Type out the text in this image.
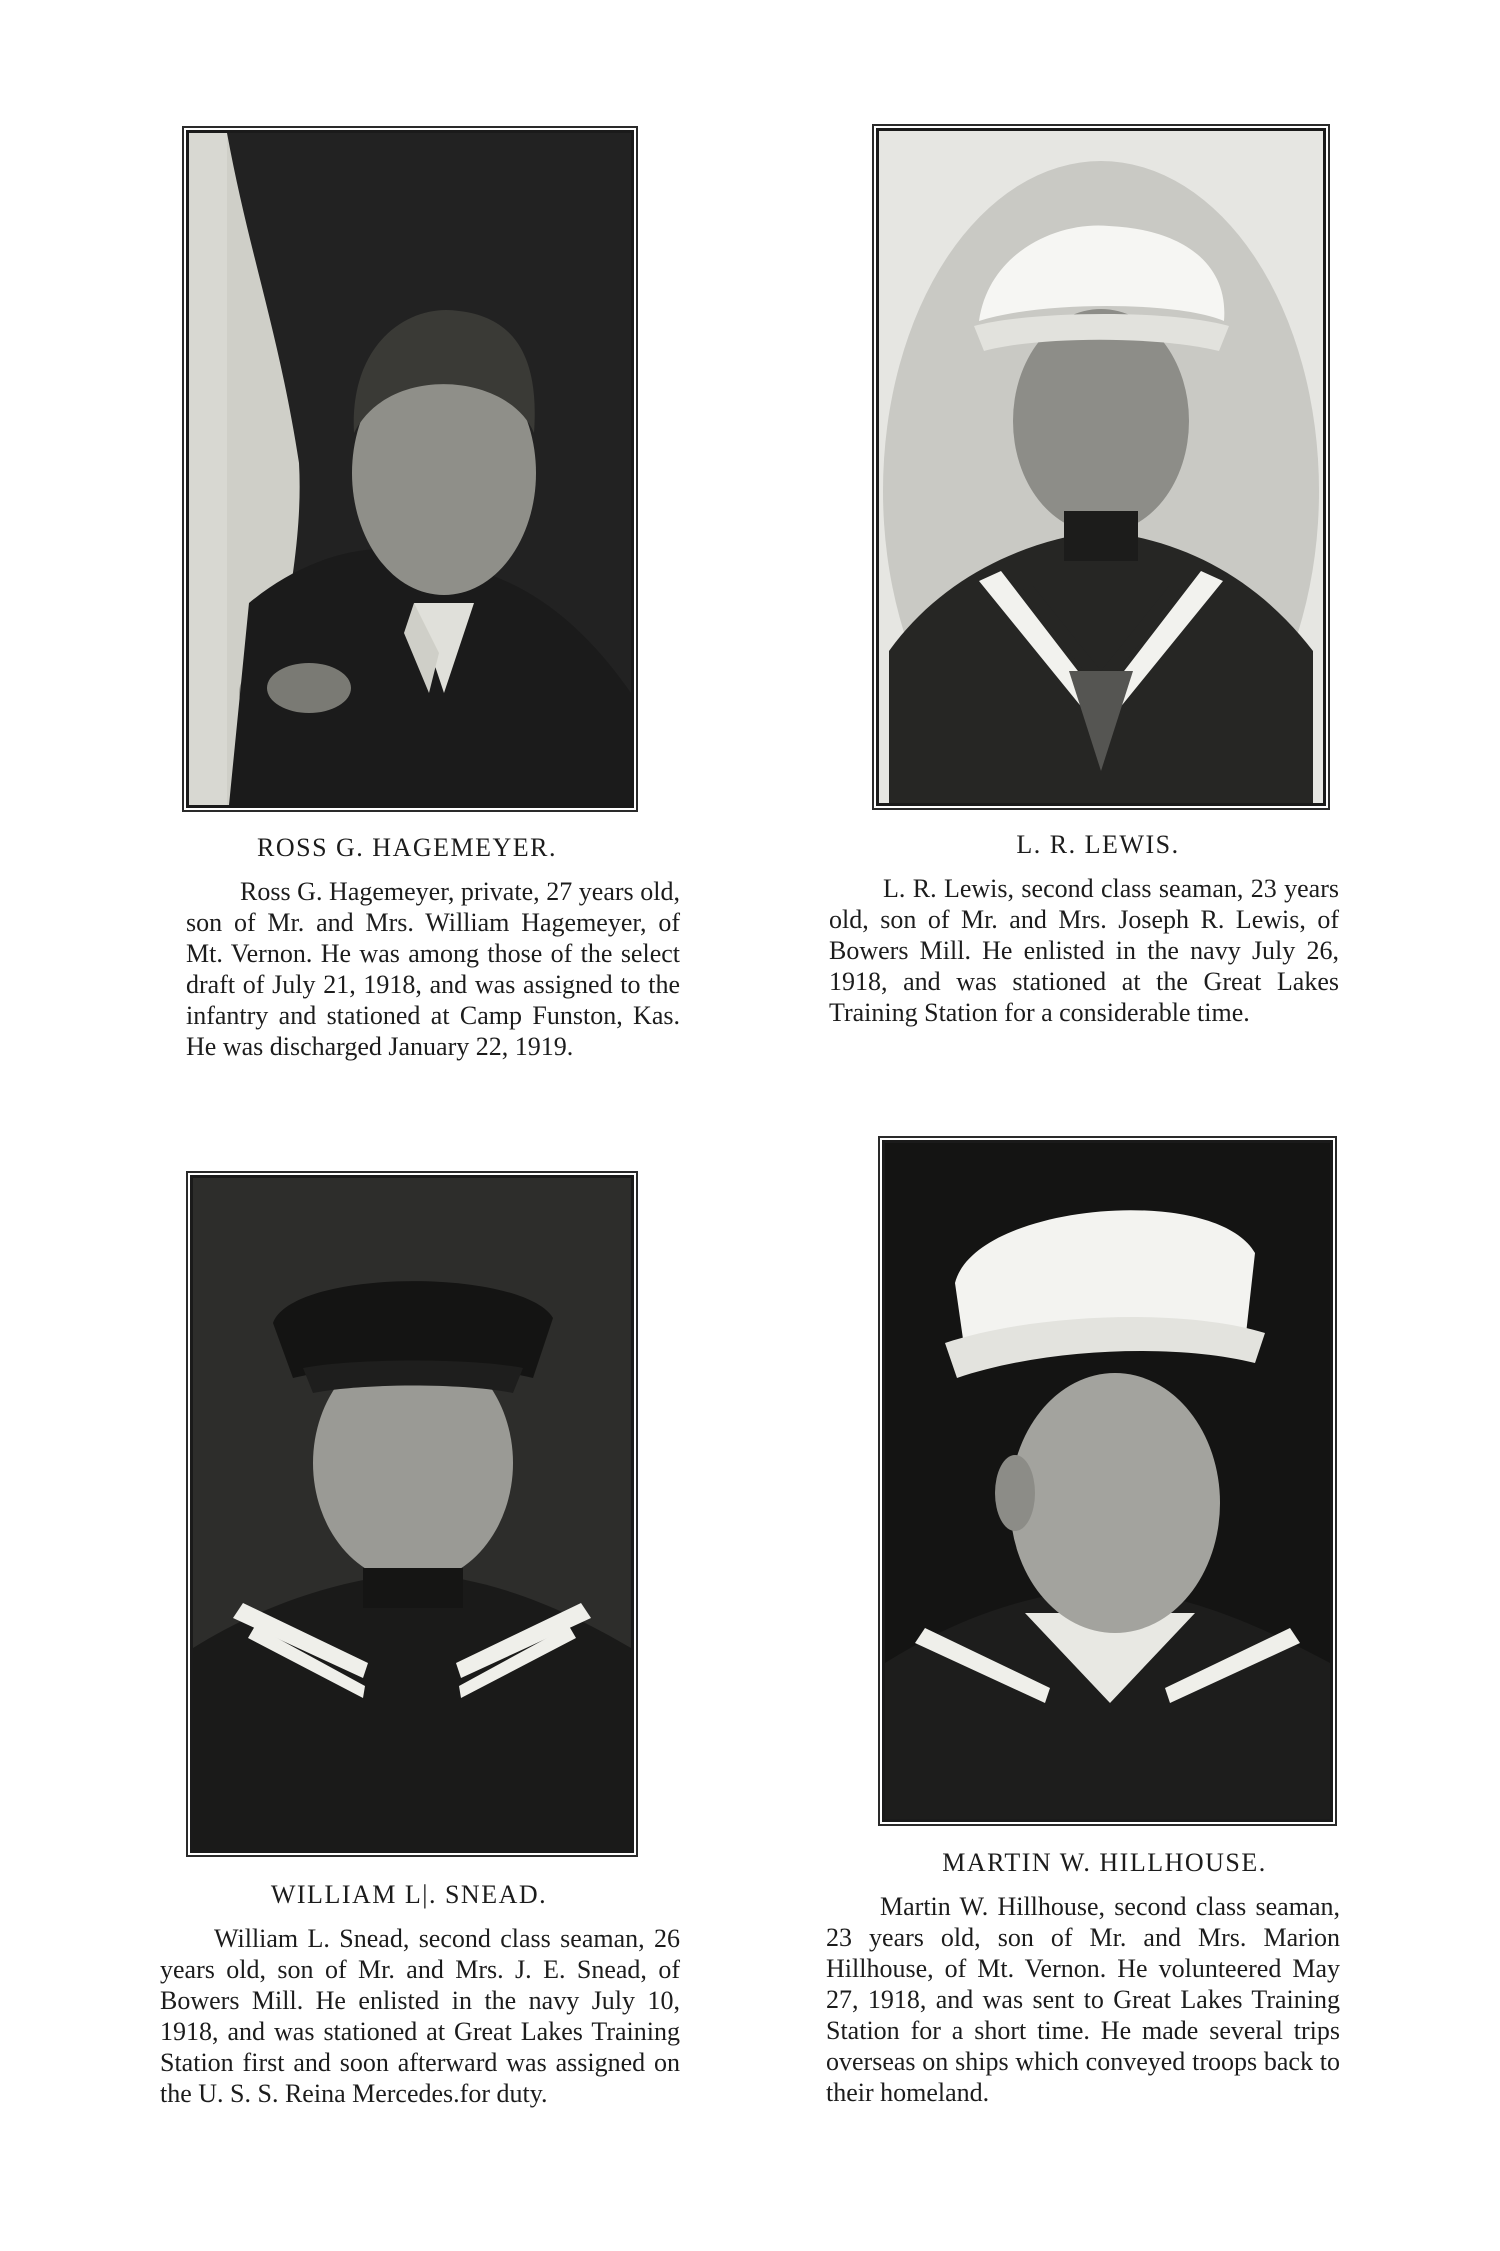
ROSS G. HAGEMEYER.
Ross G. Hagemeyer, private, 27 years old, son of Mr. and Mrs. William Hagemeyer, of Mt. Vernon. He was among those of the select draft of July 21, 1918, and was assigned to the infantry and stationed at Camp Funston, Kas. He was discharged January 22, 1919.
L. R. LEWIS.
L. R. Lewis, second class seaman, 23 years old, son of Mr. and Mrs. Joseph R. Lewis, of Bowers Mill. He enlisted in the navy July 26, 1918, and was stationed at the Great Lakes Training Station for a considerable time.
WILLIAM L|. SNEAD.
William L. Snead, second class seaman, 26 years old, son of Mr. and Mrs. J. E. Snead, of Bowers Mill. He enlisted in the navy July 10, 1918, and was stationed at Great Lakes Training Station first and soon afterward was assigned on the U. S. S. Reina Mercedes.for duty.
MARTIN W. HILLHOUSE.
Martin W. Hillhouse, second class seaman, 23 years old, son of Mr. and Mrs. Marion Hillhouse, of Mt. Vernon. He volunteered May 27, 1918, and was sent to Great Lakes Training Station for a short time. He made several trips overseas on ships which conveyed troops back to their homeland.
